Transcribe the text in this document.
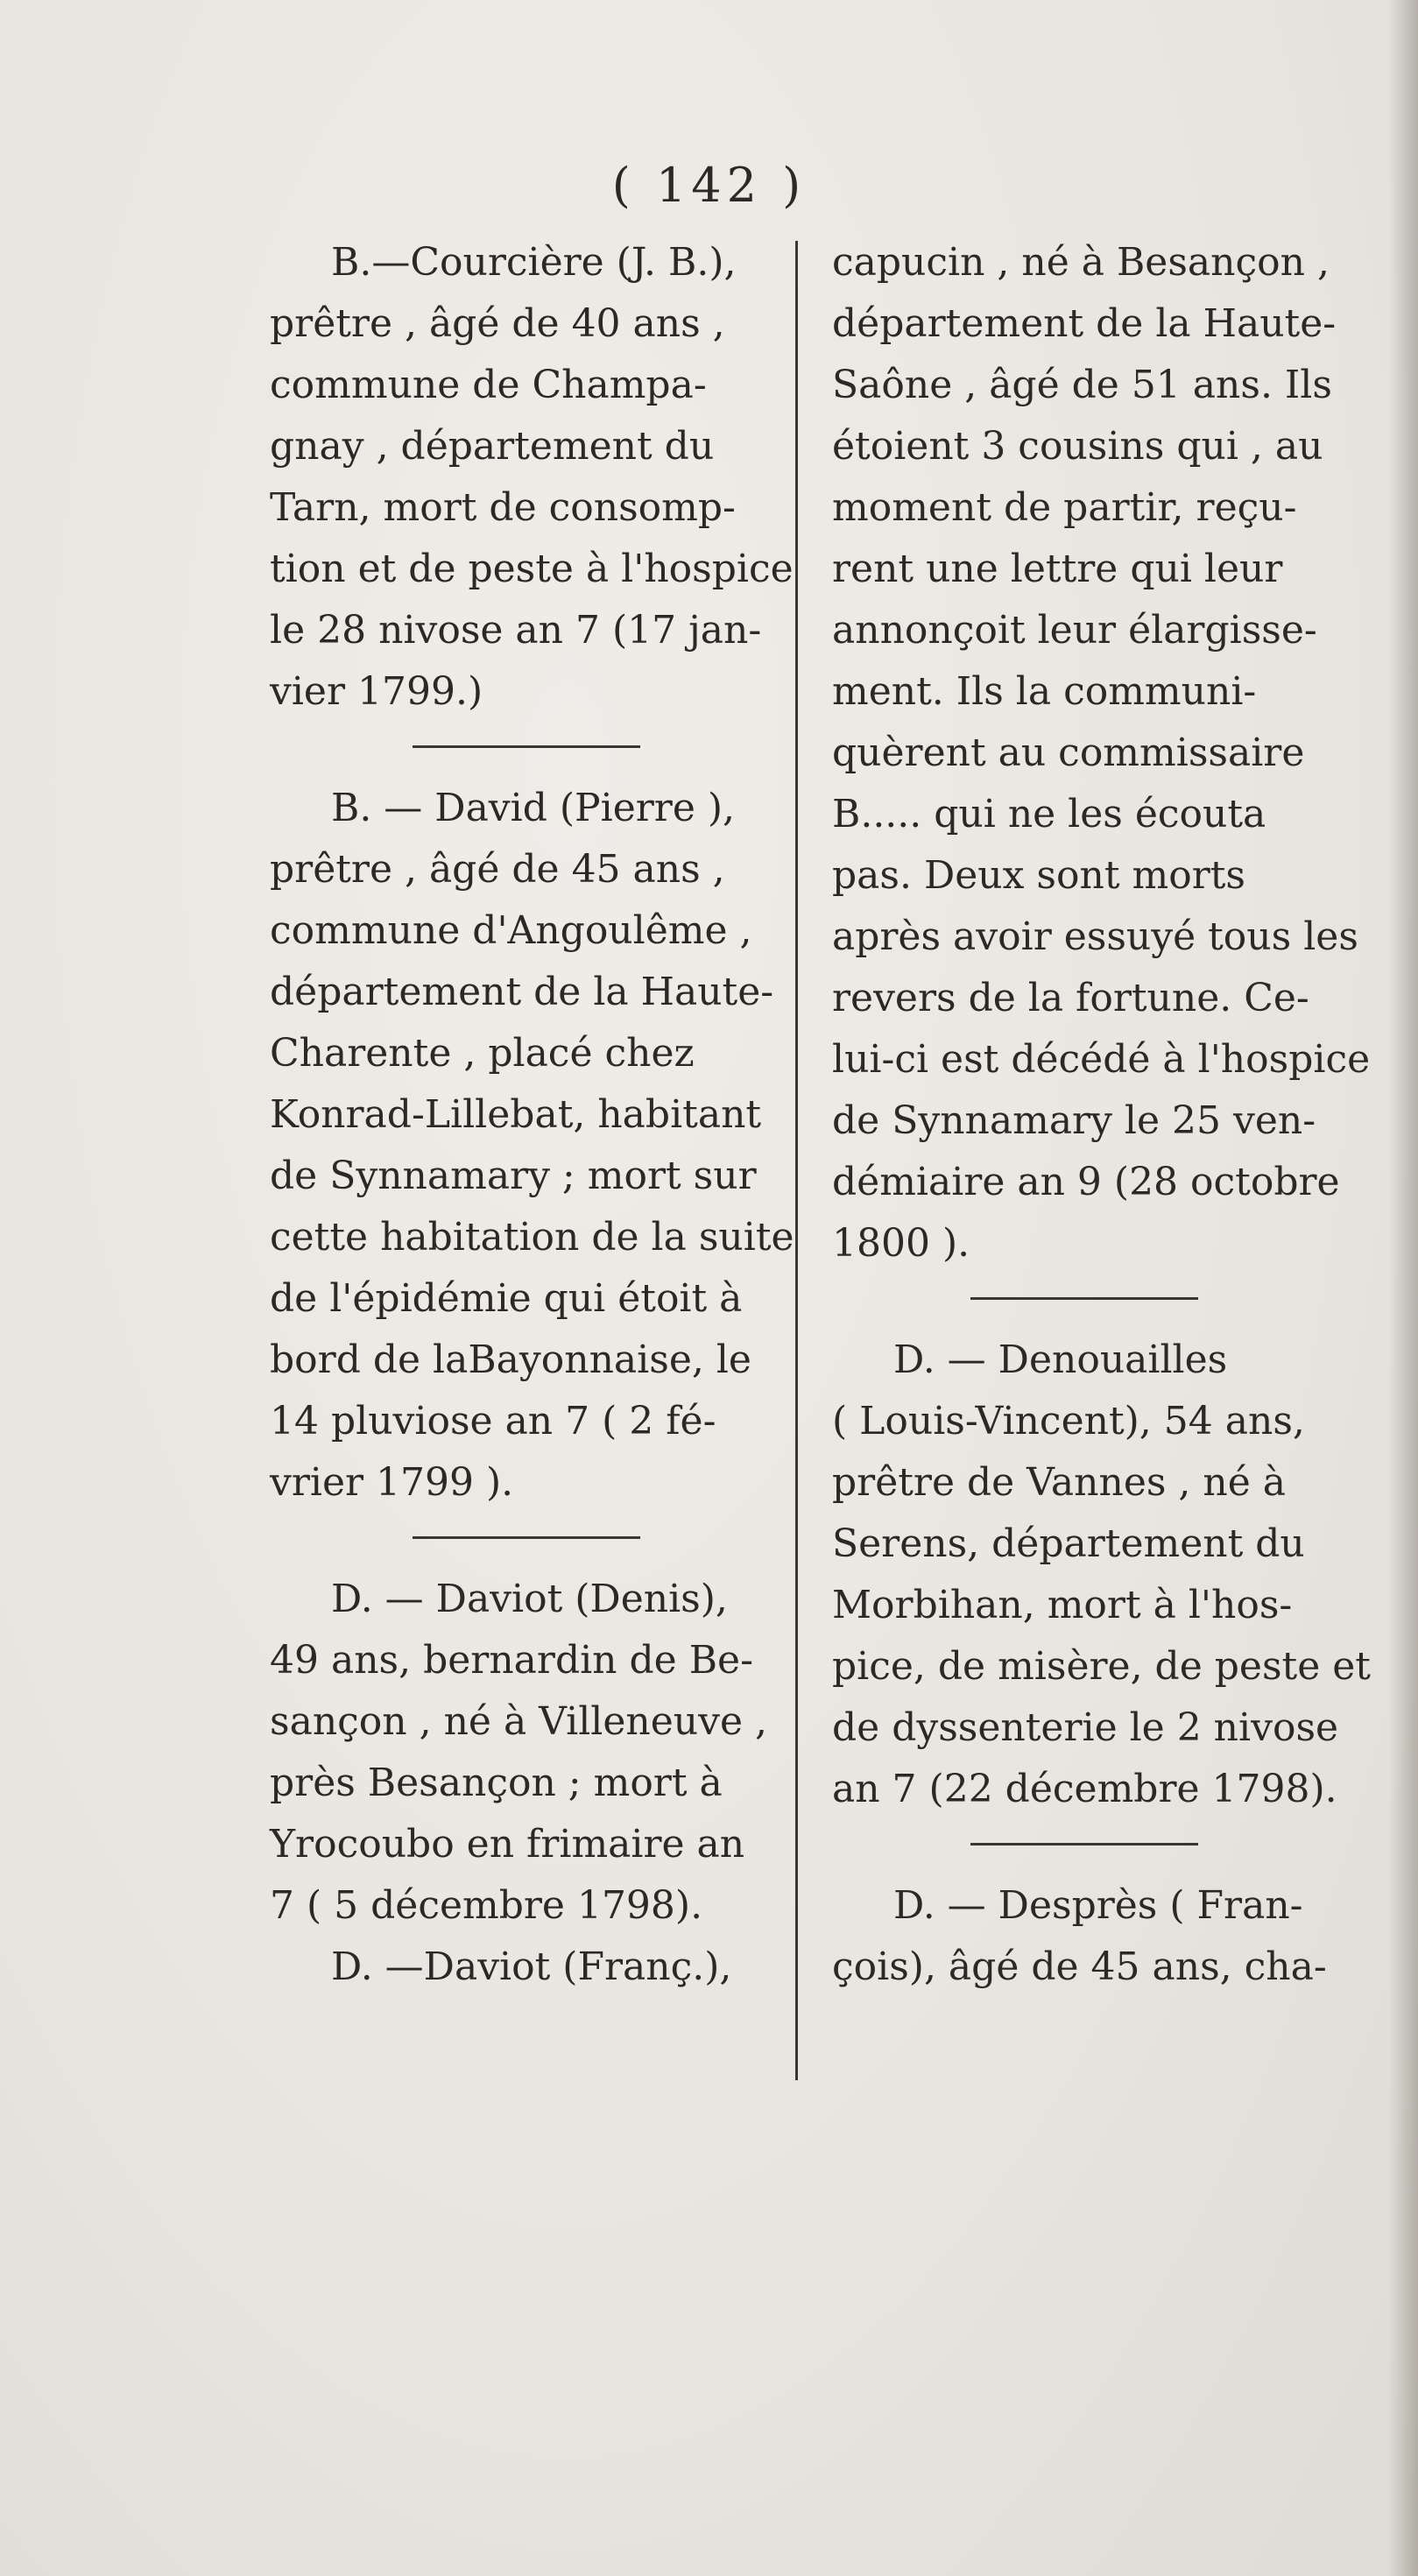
( 142 )
B.—Courcière (J. B.),
prêtre , âgé de 40 ans ,
commune de Champa-
gnay , département du
Tarn, mort de consomp-
tion et de peste à l'hospice
le 28 nivose an 7 (17 jan-
vier 1799.)
B. — David (Pierre ),
prêtre , âgé de 45 ans ,
commune d'Angoulême ,
département de la Haute-
Charente , placé chez
Konrad-Lillebat, habitant
de Synnamary ; mort sur
cette habitation de la suite
de l'épidémie qui étoit à
bord de laBayonnaise, le
14 pluviose an 7 ( 2 fé-
vrier 1799 ).
D. — Daviot (Denis),
49 ans, bernardin de Be-
sançon , né à Villeneuve ,
près Besançon ; mort à
Yrocoubo en frimaire an
7 ( 5 décembre 1798).
D. —Daviot (Franç.),
capucin , né à Besançon ,
département de la Haute-
Saône , âgé de 51 ans. Ils
étoient 3 cousins qui , au
moment de partir, reçu-
rent une lettre qui leur
annonçoit leur élargisse-
ment. Ils la communi-
quèrent au commissaire
B..... qui ne les écouta
pas. Deux sont morts
après avoir essuyé tous les
revers de la fortune. Ce-
lui-ci est décédé à l'hospice
de Synnamary le 25 ven-
démiaire an 9 (28 octobre
1800 ).
D. — Denouailles
( Louis-Vincent), 54 ans,
prêtre de Vannes , né à
Serens, département du
Morbihan, mort à l'hos-
pice, de misère, de peste et
de dyssenterie le 2 nivose
an 7 (22 décembre 1798).
D. — Desprès ( Fran-
çois), âgé de 45 ans, cha-
